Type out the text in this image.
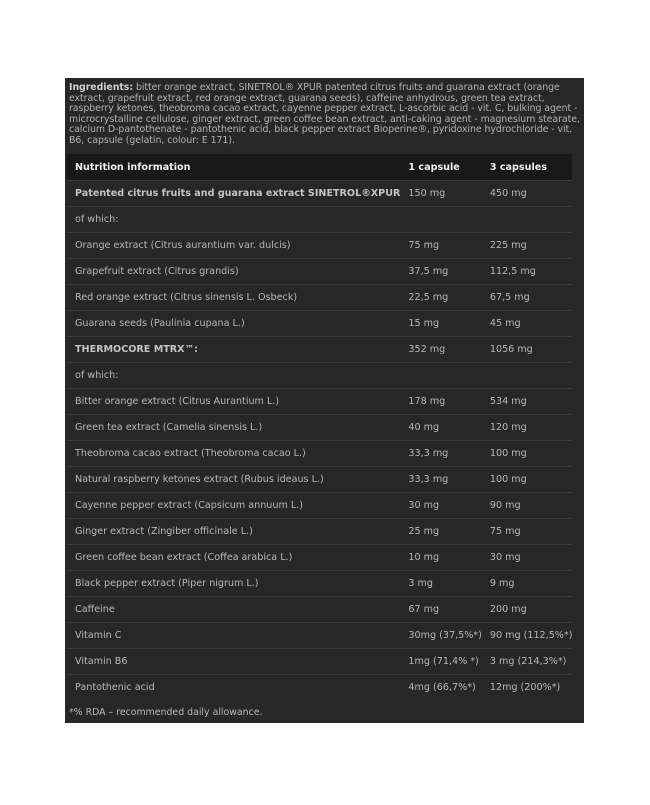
Ingredients: bitter orange extract, SINETROL® XPUR patented citrus fruits and guarana extract (orange extract, grapefruit extract, red orange extract, guarana seeds), caffeine anhydrous, green tea extract, raspberry ketones, theobroma cacao extract, cayenne pepper extract, L-ascorbic acid - vit. C, bulking agent - microcrystalline cellulose, ginger extract, green coffee bean extract, anti-caking agent - magnesium stearate, calcium D-pantothenate - pantothenic acid, black pepper extract Bioperine®, pyridoxine hydrochloride - vit. B6, capsule (gelatin, colour: E 171).
Nutrition information	1 capsule	3 capsules
Patented citrus fruits and guarana extract SINETROL®XPUR	150 mg	450 mg
of which:		
Orange extract (Citrus aurantium var. dulcis)	75 mg	225 mg
Grapefruit extract (Citrus grandis)	37,5 mg	112,5 mg
Red orange extract (Citrus sinensis L. Osbeck)	22,5 mg	67,5 mg
Guarana seeds (Paulinia cupana L.)	15 mg	45 mg
THERMOCORE MTRX™:	352 mg	1056 mg
of which:		
Bitter orange extract (Citrus Aurantium L.)	178 mg	534 mg
Green tea extract (Camelia sinensis L.)	40 mg	120 mg
Theobroma cacao extract (Theobroma cacao L.)	33,3 mg	100 mg
Natural raspberry ketones extract (Rubus ideaus L.)	33,3 mg	100 mg
Cayenne pepper extract (Capsicum annuum L.)	30 mg	90 mg
Ginger extract (Zingiber officinale L.)	25 mg	75 mg
Green coffee bean extract (Coffea arabica L.)	10 mg	30 mg
Black pepper extract (Piper nigrum L.)	3 mg	9 mg
Caffeine	67 mg	200 mg
Vitamin C	30mg (37,5%*)	90 mg (112,5%*)
Vitamin B6	1mg (71,4% *)	3 mg (214,3%*)
Pantothenic acid	4mg (66,7%*)	12mg (200%*)
*% RDA – recommended daily allowance.
